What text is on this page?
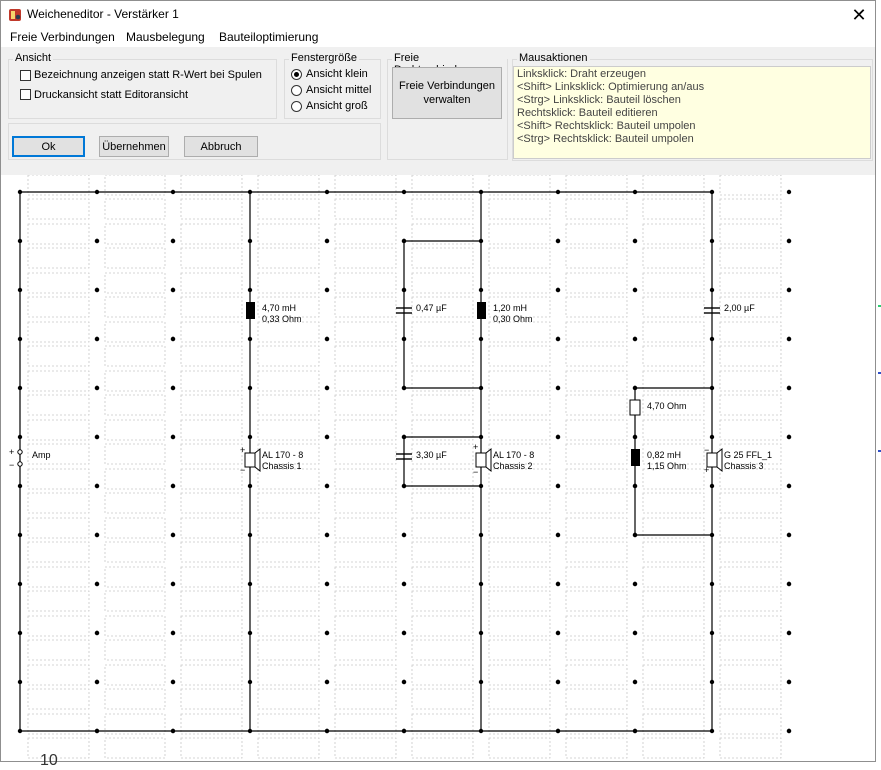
Weicheneditor - Verstärker 1	✕
Freie Verbindungen Mausbelegung Bauteiloptimierung
Ansicht
Bezeichnung anzeigen statt R-Wert bei Spulen
Druckansicht statt Editoransicht
Fenstergröße
Ansicht klein
Ansicht mittel
Ansicht groß
Freie
Freie Verbindungen
verwalten
Mausaktionen
Linksklick: Draht erzeugen
<Shift> Linksklick: Optimierung an/aus
<Strg> Linksklick: Bauteil löschen
Rechtsklick: Bauteil editieren
<Shift> Rechtsklick: Bauteil umpolen
<Strg> Rechtsklick: Bauteil umpolen
Ok	Übernehmen	Abbruch
+
−
+
−
+
−
−
+
Amp
4,70 mH
0,33 Ohm
1,20 mH
0,30 Ohm
0,82 mH
1,15 Ohm
0,47 µF	2,00 µF
3,30 µF
4,70 Ohm
AL 170 - 8
Chassis 1
AL 170 - 8
Chassis 2
G 25 FFL_1
Chassis 3
10
